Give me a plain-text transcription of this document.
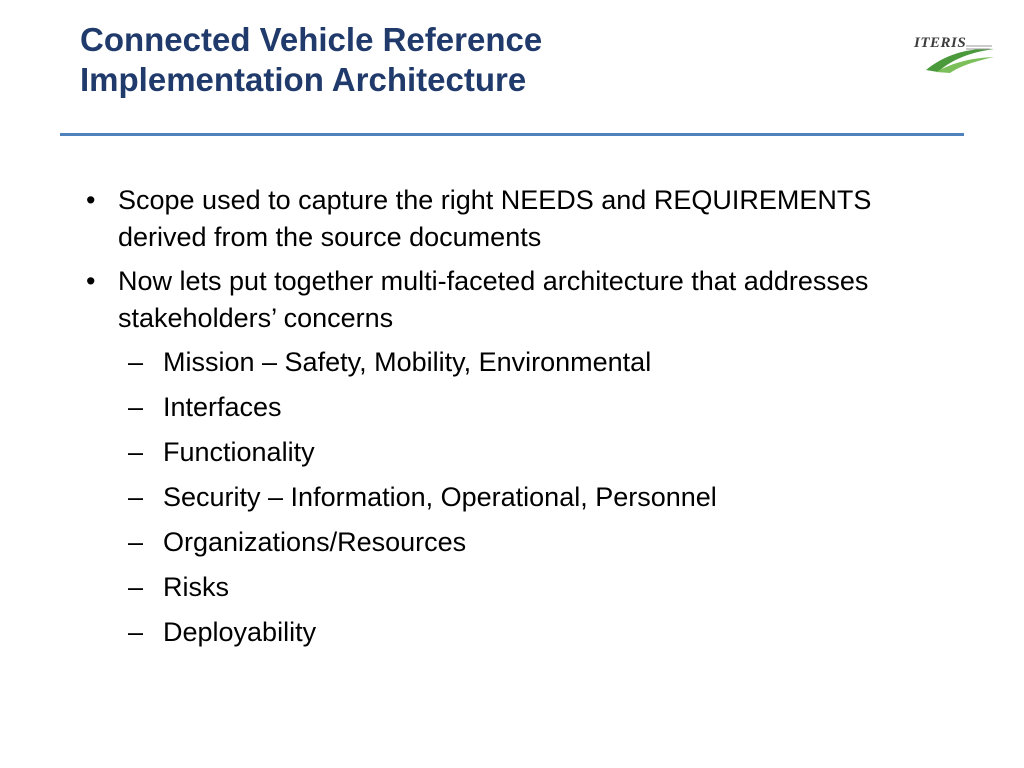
Connected Vehicle Reference
Implementation Architecture
ITERIS
• Scope used to capture the right NEEDS and REQUIREMENTS derived from the source documents
• Now lets put together multi-faceted architecture that addresses stakeholders’ concerns
– Mission – Safety, Mobility, Environmental
– Interfaces
– Functionality
– Security – Information, Operational, Personnel
– Organizations/Resources
– Risks
– Deployability
